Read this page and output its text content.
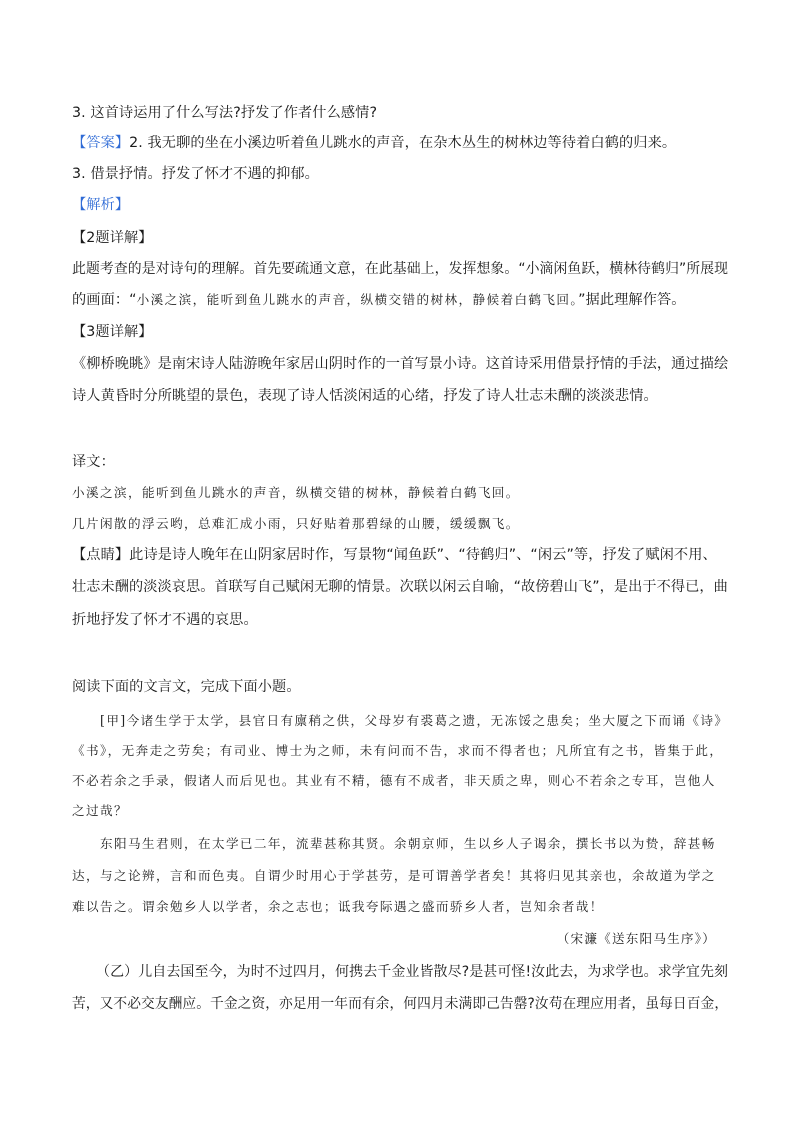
3. 这首诗运用了什么写法?抒发了作者什么感情?
【答案】2. 我无聊的坐在小溪边听着鱼儿跳水的声音，在杂木丛生的树林边等待着白鹤的归来。
3. 借景抒情。抒发了怀才不遇的抑郁。
【解析】
【2题详解】
此题考查的是对诗句的理解。首先要疏通文意，在此基础上，发挥想象。“小滴闲鱼跃，横林待鹤归”所展现
的画面：“小溪之滨，能听到鱼儿跳水的声音，纵横交错的树林，静候着白鹤飞回。”据此理解作答。
【3题详解】
《柳桥晚眺》是南宋诗人陆游晚年家居山阴时作的一首写景小诗。这首诗采用借景抒情的手法，通过描绘
诗人黄昏时分所眺望的景色，表现了诗人恬淡闲适的心绪，抒发了诗人壮志未酬的淡淡悲情。
译文：
小溪之滨，能听到鱼儿跳水的声音，纵横交错的树林，静候着白鹤飞回。
几片闲散的浮云哟，总难汇成小雨，只好贴着那碧绿的山腰，缓缓飘飞。
【点睛】此诗是诗人晚年在山阴家居时作，写景物“闻鱼跃”、“待鹤归”、“闲云”等，抒发了赋闲不用、
壮志未酬的淡淡哀思。首联写自己赋闲无聊的情景。次联以闲云自喻，“故傍碧山飞”，是出于不得已，曲
折地抒发了怀才不遇的哀思。
阅读下面的文言文，完成下面小题。
[甲]今诸生学于太学，县官日有廪稍之供，父母岁有裘葛之遗，无冻馁之患矣；坐大厦之下而诵《诗》
《书》，无奔走之劳矣；有司业、博士为之师，未有问而不告，求而不得者也；凡所宜有之书，皆集于此，
不必若余之手录，假诸人而后见也。其业有不精，德有不成者，非天质之卑，则心不若余之专耳，岂他人
之过哉？
东阳马生君则，在太学已二年，流辈甚称其贤。余朝京师，生以乡人子谒余，撰长书以为贽，辞甚畅
达，与之论辨，言和而色夷。自谓少时用心于学甚劳，是可谓善学者矣！其将归见其亲也，余故道为学之
难以告之。谓余勉乡人以学者，余之志也；诋我夸际遇之盛而骄乡人者，岂知余者哉！
（宋濂《送东阳马生序》）
（乙）儿自去国至今，为时不过四月，何携去千金业皆散尽?是甚可怪!汝此去，为求学也。求学宜先刻
苦，又不必交友酬应。千金之资，亦足用一年而有余，何四月未满即己告罄?汝苟在理应用者，虽每日百金，
